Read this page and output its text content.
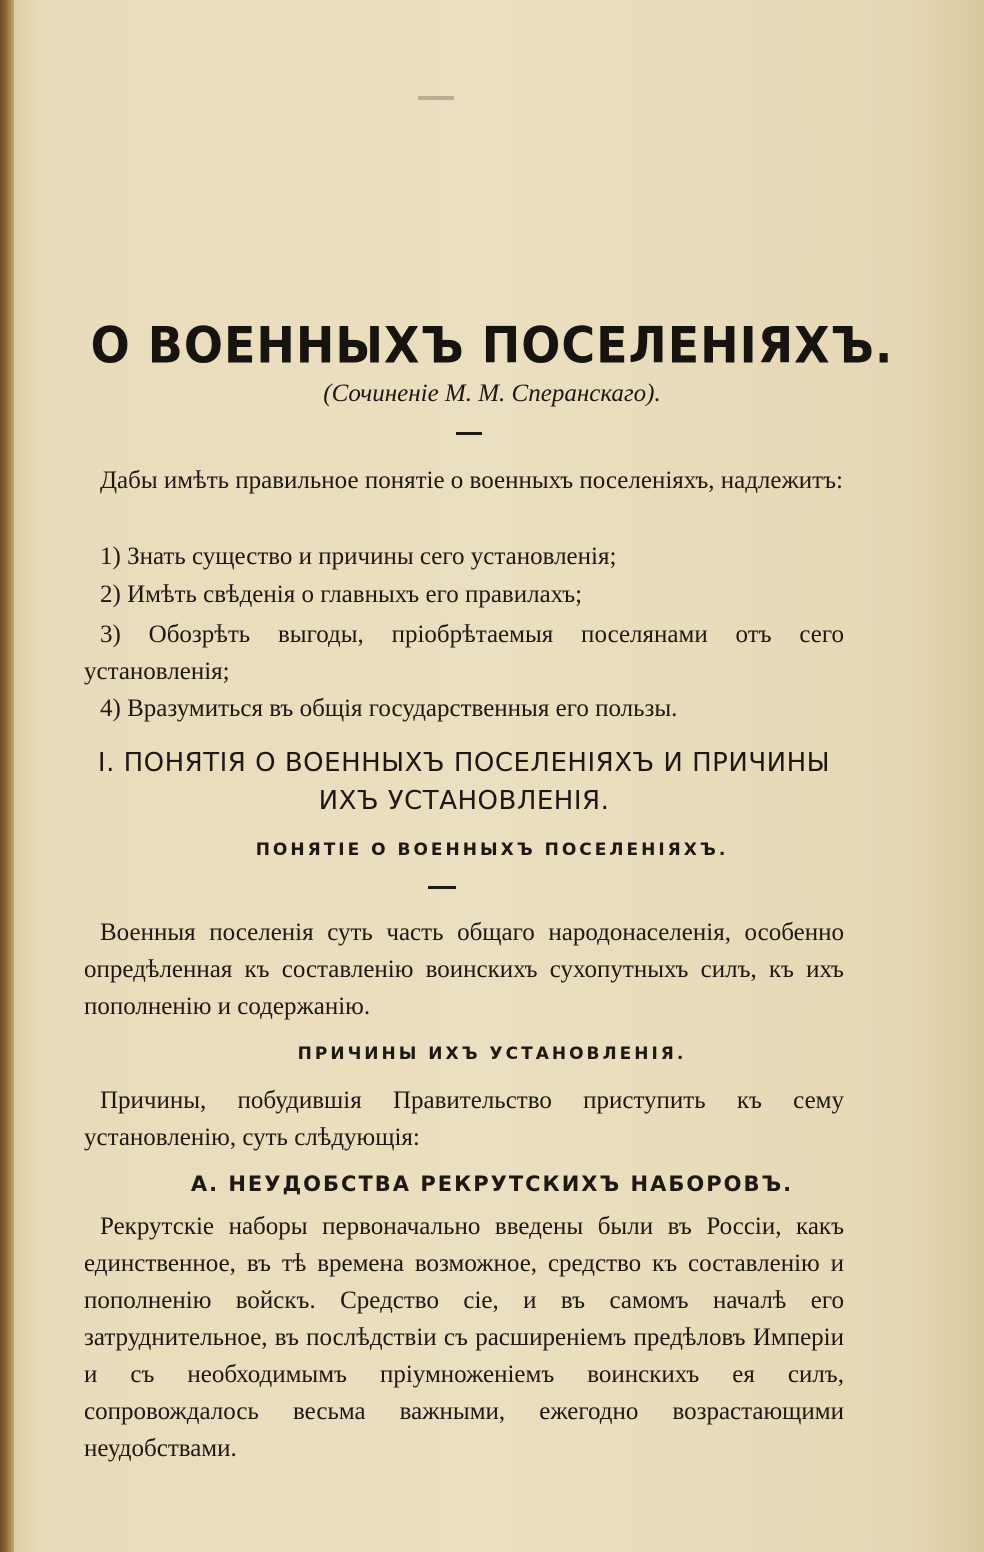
О ВОЕННЫХЪ ПОСЕЛЕНІЯХЪ.
(Сочиненіе М. М. Сперанскаго).
Дабы имѣть правильное понятіе о военныхъ поселеніяхъ, надлежитъ:
1) Знать существо и причины сего установленія;
2) Имѣть свѣденія о главныхъ его правилахъ;
3) Обозрѣть выгоды, пріобрѣтаемыя поселянами отъ сего установленія;
4) Вразумиться въ общія государственныя его пользы.
I. ПОНЯТІЯ О ВОЕННЫХЪ ПОСЕЛЕНІЯХЪ И ПРИЧИНЫ ИХЪ УСТАНОВЛЕНІЯ.
ПОНЯТІЕ О ВОЕННЫХЪ ПОСЕЛЕНІЯХЪ.
Военныя поселенія суть часть общаго народонаселенія, особенно опредѣленная къ составленію воинскихъ сухопутныхъ силъ, къ ихъ пополненію и содержанію.
ПРИЧИНЫ ИХЪ УСТАНОВЛЕНІЯ.
Причины, побудившія Правительство приступить къ сему установленію, суть слѣдующія:
А. НЕУДОБСТВА РЕКРУТСКИХЪ НАБОРОВЪ.
Рекрутскіе наборы первоначально введены были въ Россіи, какъ единственное, въ тѣ времена возможное, средство къ составленію и пополненію войскъ. Средство сіе, и въ самомъ началѣ его затруднительное, въ послѣдствіи съ расширеніемъ предѣловъ Имперіи и съ необходимымъ пріумноженіемъ воинскихъ ея силъ, сопровождалось весьма важными, ежегодно возрастающими неудобствами.
